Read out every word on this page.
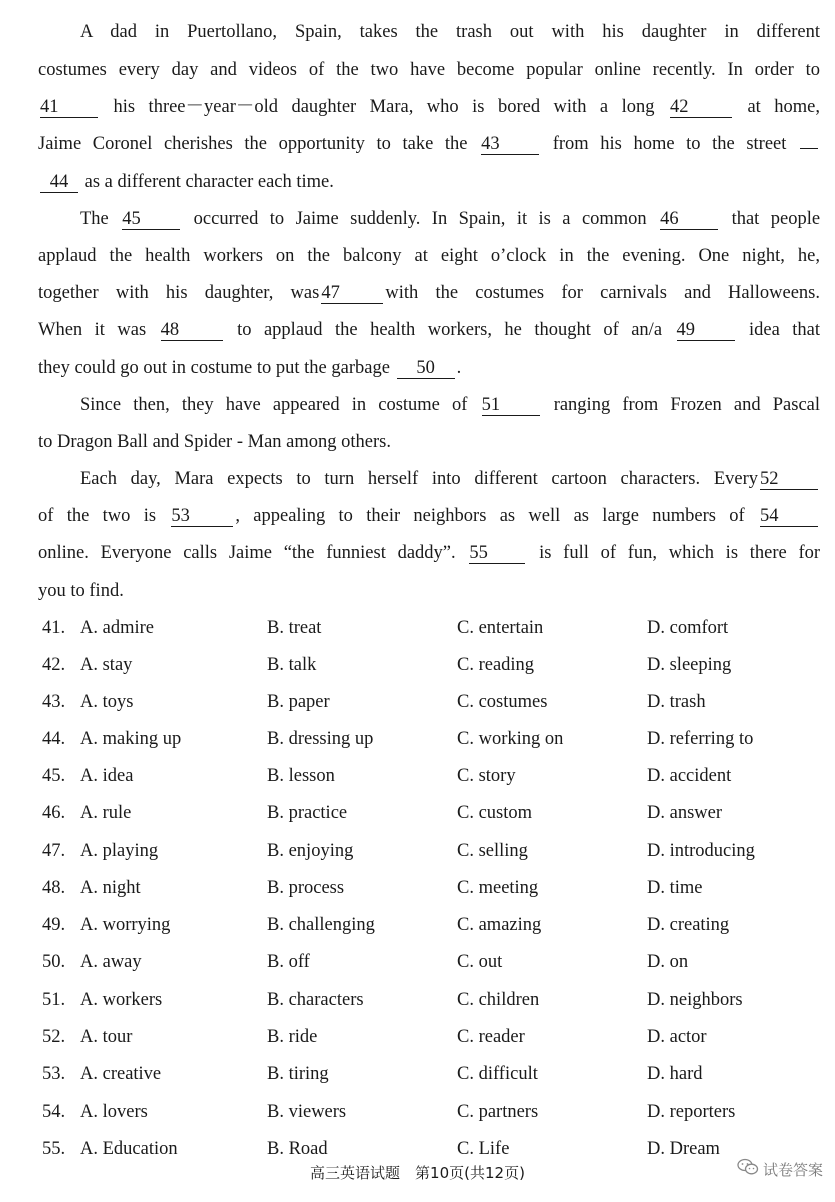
A dad in Puertollano, Spain, takes the trash out with his daughter in different
costumes every day and videos of the two have become popular online recently. In order to
41	his three－year－old daughter Mara, who is bored with a long 42	at home,
Jaime Coronel cherishes the opportunity to take the 43	from his home to the street
44 as a different character each time.
The 45	occurred to Jaime suddenly. In Spain, it is a common 46	that people
applaud the health workers on the balcony at eight o’clock in the evening. One night, he,
together with his daughter, was 47 with the costumes for carnivals and Halloweens.
When it was 48	to applaud the health workers, he thought of an/a 49	idea that
they could go out in costume to put the garbage 50 .
Since then, they have appeared in costume of 51	ranging from Frozen and Pascal
to Dragon Ball and Spider - Man among others.
Each day, Mara expects to turn herself into different cartoon characters. Every 52
of the two is 53 , appealing to their neighbors as well as large numbers of 54
online. Everyone calls Jaime “the funniest daddy”. 55	is full of fun, which is there for
you to find.
41. A. admire	B. treat	C. entertain	D. comfort
42. A. stay	B. talk	C. reading	D. sleeping
43. A. toys	B. paper	C. costumes	D. trash
44. A. making up	B. dressing up	C. working on	D. referring to
45. A. idea	B. lesson	C. story	D. accident
46. A. rule	B. practice	C. custom	D. answer
47. A. playing	B. enjoying	C. selling	D. introducing
48. A. night	B. process	C. meeting	D. time
49. A. worrying	B. challenging	C. amazing	D. creating
50. A. away	B. off	C. out	D. on
51. A. workers	B. characters	C. children	D. neighbors
52. A. tour	B. ride	C. reader	D. actor
53. A. creative	B. tiring	C. difficult	D. hard
54. A. lovers	B. viewers	C. partners	D. reporters
55. A. Education	B. Road	C. Life	D. Dream
高三英语试题　第10页(共12页)	试卷答案
